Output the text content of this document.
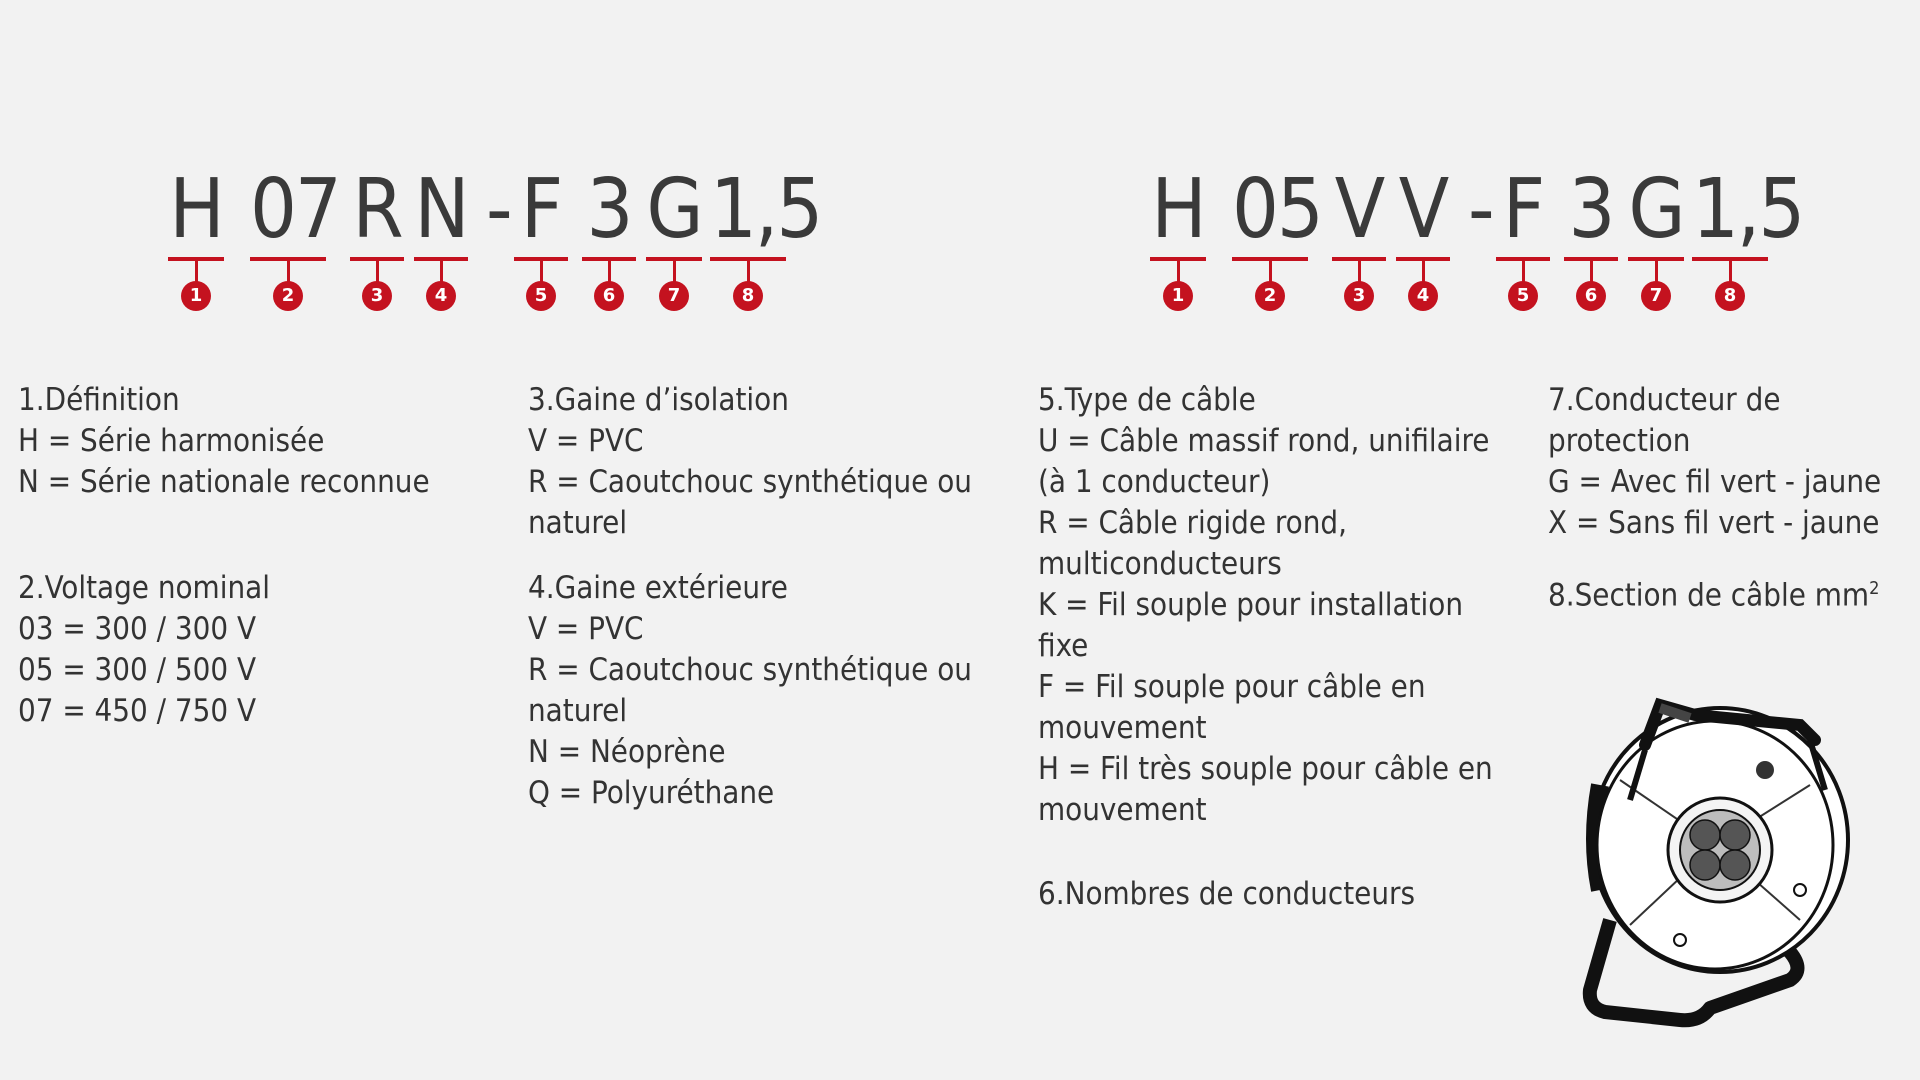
H
1
07
2
R
3
N
4
- F
5
3
6
G
7
1,5
8
H
1
05
2
V
3
V
4
- F
5
3
6
G
7
1,5
8
1.Définition
H = Série harmonisée
N = Série nationale reconnue
2.Voltage nominal
03 = 300 / 300 V
05 = 300 / 500 V
07 = 450 / 750 V
3.Gaine d’isolation
V = PVC
R = Caoutchouc synthétique ou
naturel
4.Gaine extérieure
V = PVC
R = Caoutchouc synthétique ou
naturel
N = Néoprène
Q = Polyuréthane
5.Type de câble
U = Câble massif rond, unifilaire
(à 1 conducteur)
R = Câble rigide rond,
multiconducteurs
K = Fil souple pour installation
fixe
F = Fil souple pour câble en
mouvement
H = Fil très souple pour câble en
mouvement
6.Nombres de conducteurs
7.Conducteur de protection
G = Avec fil vert - jaune
X = Sans fil vert - jaune
8.Section de câble $mm^2$
